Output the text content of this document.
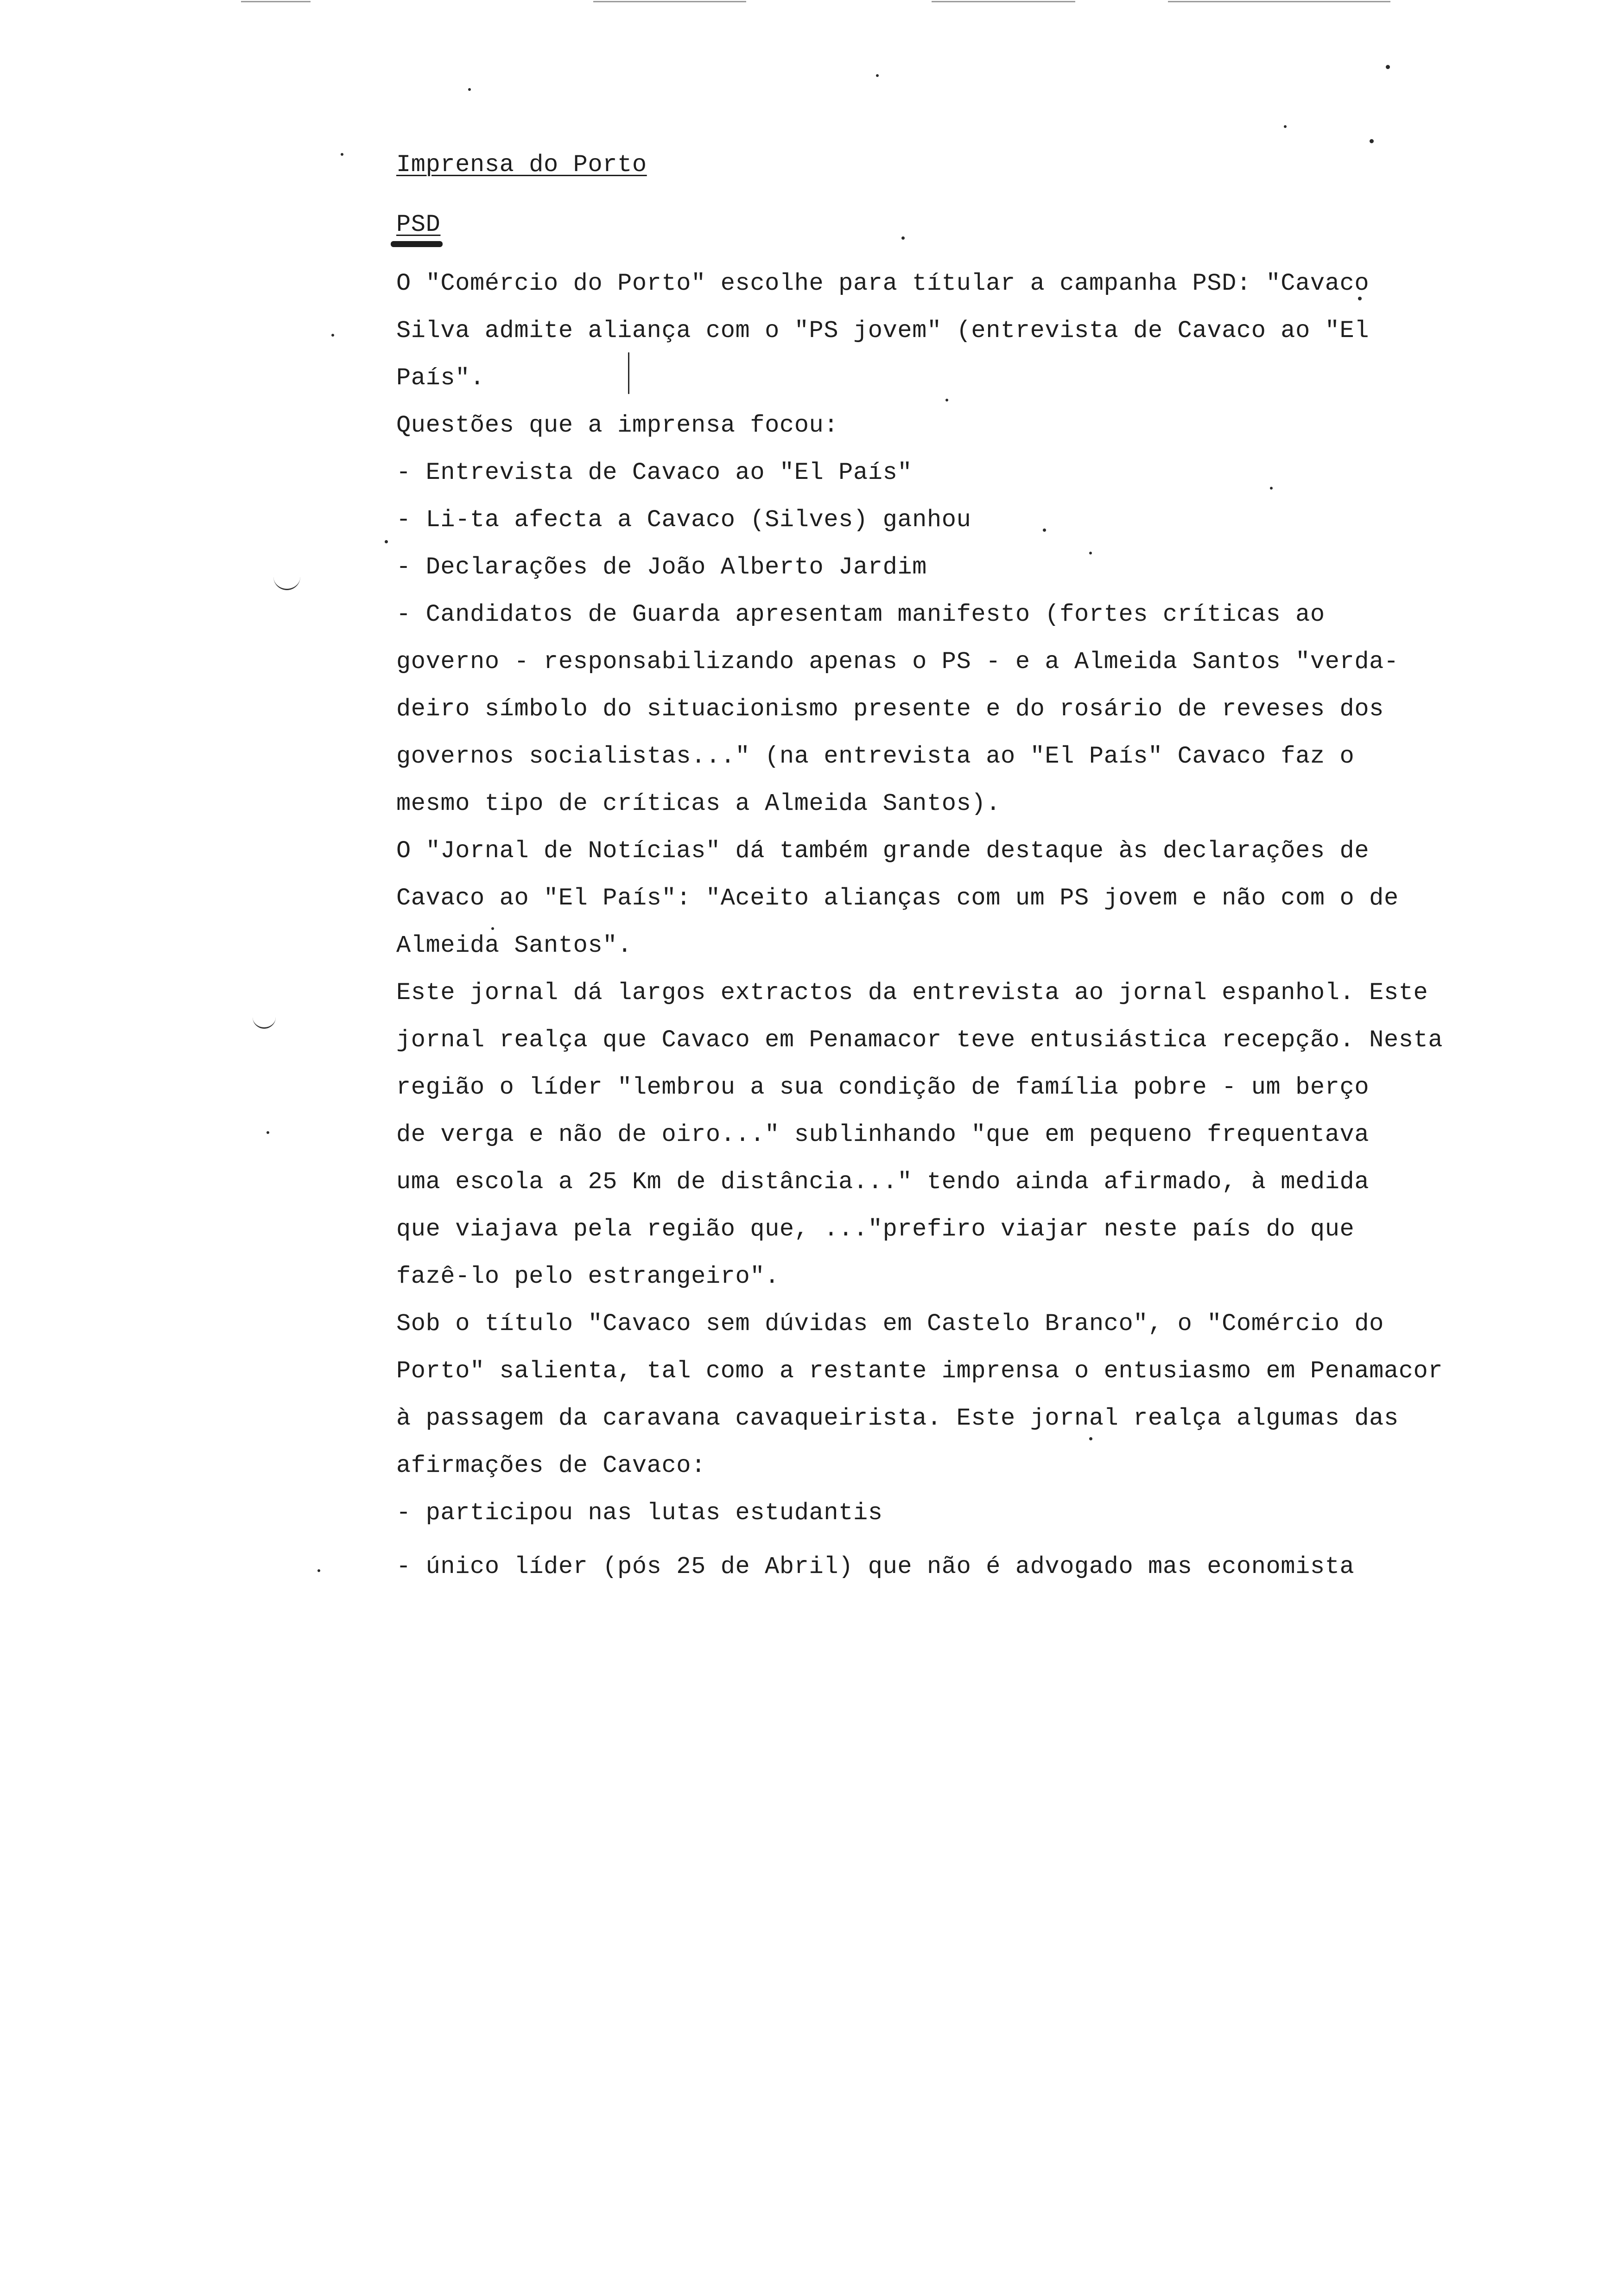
Imprensa do Porto

PSD

O "Comércio do Porto" escolhe para títular a campanha PSD: "Cavaco

Silva admite aliança com o "PS jovem" (entrevista de Cavaco ao "El

País".

Questões que a imprensa focou:

- Entrevista de Cavaco ao "El País"

- Li-ta afecta a Cavaco (Silves) ganhou

- Declarações de João Alberto Jardim

- Candidatos de Guarda apresentam manifesto (fortes críticas ao

governo - responsabilizando apenas o PS - e a Almeida Santos "verda-

deiro símbolo do situacionismo presente e do rosário de reveses dos

governos socialistas..." (na entrevista ao "El País" Cavaco faz o

mesmo tipo de críticas a Almeida Santos).

O "Jornal de Notícias" dá também grande destaque às declarações de

Cavaco ao "El País": "Aceito alianças com um PS jovem e não com o de

Almeida Santos".

Este jornal dá largos extractos da entrevista ao jornal espanhol. Este

jornal realça que Cavaco em Penamacor teve entusiástica recepção. Nesta

região o líder "lembrou a sua condição de família pobre - um berço

de verga e não de oiro..." sublinhando "que em pequeno frequentava

uma escola a 25 Km de distância..." tendo ainda afirmado, à medida

que viajava pela região que, ..."prefiro viajar neste país do que

fazê-lo pelo estrangeiro".

Sob o título "Cavaco sem dúvidas em Castelo Branco", o "Comércio do

Porto" salienta, tal como a restante imprensa o entusiasmo em Penamacor

à passagem da caravana cavaqueirista. Este jornal realça algumas das

afirmações de Cavaco:

- participou nas lutas estudantis

- único líder (pós 25 de Abril) que não é advogado mas economista
